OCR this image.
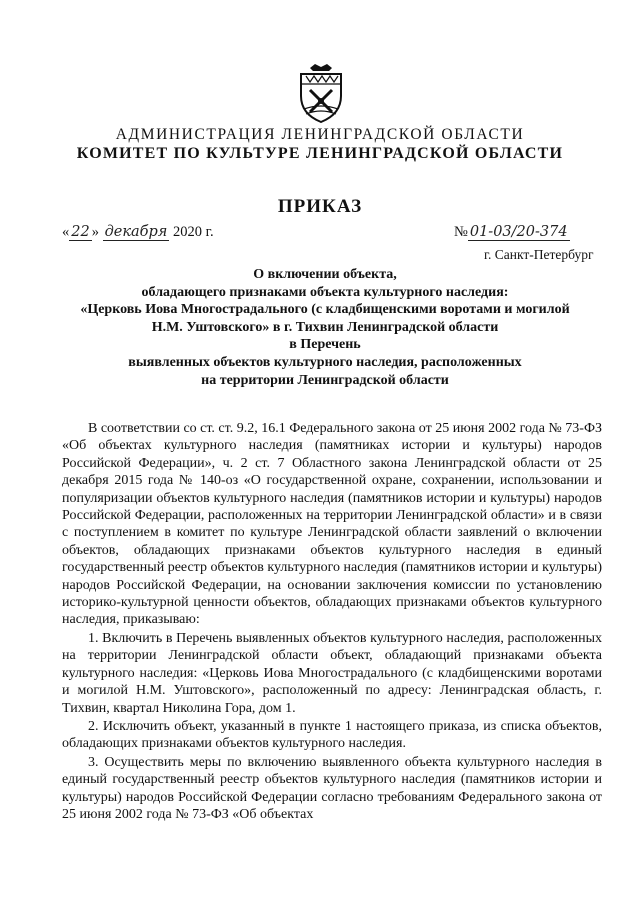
АДМИНИСТРАЦИЯ ЛЕНИНГРАДСКОЙ ОБЛАСТИ
КОМИТЕТ ПО КУЛЬТУРЕ ЛЕНИНГРАДСКОЙ ОБЛАСТИ
ПРИКАЗ
« 22 » декабря 2020 г.	№ 01-03/20-374
г. Санкт-Петербург
О включении объекта,
обладающего признаками объекта культурного наследия:
«Церковь Иова Многострадального (с кладбищенскими воротами и могилой
Н.М. Уштовского» в г. Тихвин Ленинградской области
в Перечень
выявленных объектов культурного наследия, расположенных
на территории Ленинградской области

В соответствии со ст. ст. 9.2, 16.1 Федерального закона от 25 июня 2002 года № 73-ФЗ «Об объектах культурного наследия (памятниках истории и культуры) народов Российской Федерации», ч. 2 ст. 7 Областного закона Ленинградской области от 25 декабря 2015 года № 140-оз «О государственной охране, сохранении, использовании и популяризации объектов культурного наследия (памятников истории и культуры) народов Российской Федерации, расположенных на территории Ленинградской области» и в связи с поступлением в комитет по культуре Ленинградской области заявлений о включении объектов, обладающих признаками объектов культурного наследия в единый государственный реестр объектов культурного наследия (памятников истории и культуры) народов Российской Федерации, на основании заключения комиссии по установлению историко-культурной ценности объектов, обладающих признаками объектов культурного наследия, приказываю:

1. Включить в Перечень выявленных объектов культурного наследия, расположенных на территории Ленинградской области объект, обладающий признаками объекта культурного наследия: «Церковь Иова Многострадального (с кладбищенскими воротами и могилой Н.М. Уштовского», расположенный по адресу: Ленинградская область, г. Тихвин, квартал Николина Гора, дом 1.

2. Исключить объект, указанный в пункте 1 настоящего приказа, из списка объектов, обладающих признаками объектов культурного наследия.

3. Осуществить меры по включению выявленного объекта культурного наследия в единый государственный реестр объектов культурного наследия (памятников истории и культуры) народов Российской Федерации согласно требованиям Федерального закона от 25 июня 2002 года № 73-ФЗ «Об объектах
